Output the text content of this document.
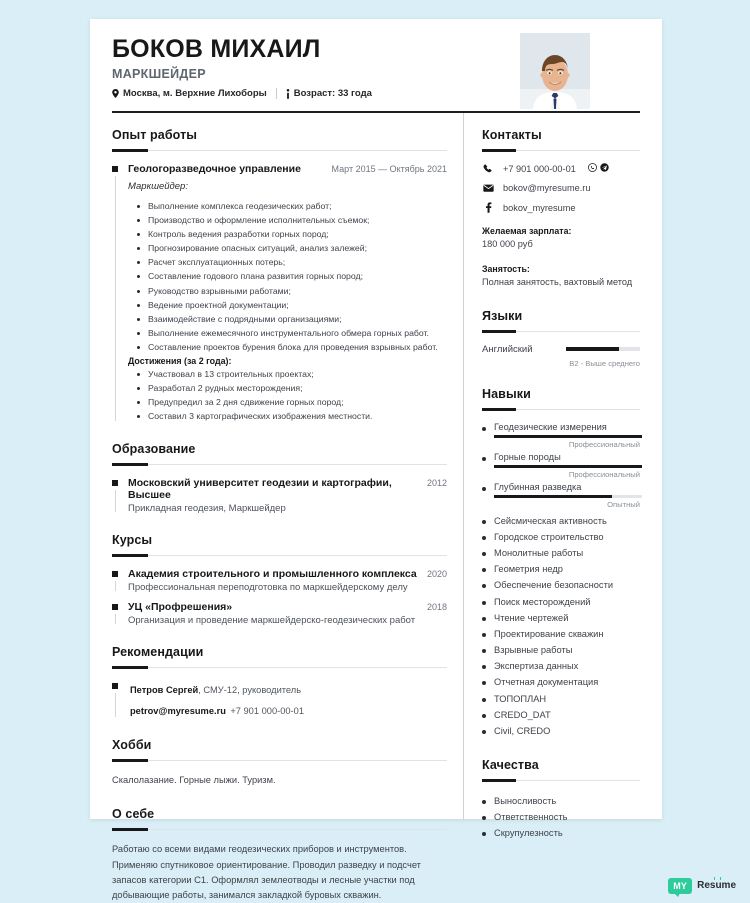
БОКОВ МИХАИЛ
МАРКШЕЙДЕР
Москва, м. Верхние Лихоборы	Возраст: 33 года
Опыт работы
Геологоразведочное управление	Март 2015 — Октябрь 2021
Маркшейдер:
Выполнение комплекса геодезических работ;
Производство и оформление исполнительных съемок;
Контроль ведения разработки горных пород;
Прогнозирование опасных ситуаций, анализ залежей;
Расчет эксплуатационных потерь;
Составление годового плана развития горных пород;
Руководство взрывными работами;
Ведение проектной документации;
Взаимодействие с подрядными организациями;
Выполнение ежемесячного инструментального обмера горных работ.
Составление проектов бурения блока для проведения взрывных работ.
Достижения (за 2 года):
Участвовал в 13 строительных проектах;
Разработал 2 рудных месторождения;
Предупредил за 2 дня сдвижение горных пород;
Составил 3 картографических изображения местности.
Образование
Московский университет геодезии и картографии, Высшее
2012
Прикладная геодезия, Маркшейдер
Курсы
Академия строительного и промышленного комплекса 2020
Профессиональная переподготовка по маркшейдерскому делу
УЦ «Профрешения»	2018
Организация и проведение маркшейдерско-геодезических работ
Рекомендации
Петров Сергей, СМУ-12, руководитель
petrov@myresume.ru +7 901 000-00-01
Хобби
Скалолазание. Горные лыжи. Туризм.
О себе
Работаю со всеми видами геодезических приборов и инструментов. Применяю спутниковое ориентирование. Проводил разведку и подсчет запасов категории С1. Оформлял землеотводы и лесные участки под добывающие работы, занимался закладкой буровых скважин.
Контакты
+7 901 000-00-01
bokov@myresume.ru
bokov_myresume
Желаемая зарплата:
180 000 руб
Занятость:
Полная занятость, вахтовый метод
Языки
Английский
B2 - Выше среднего
Навыки
Геодезические измерения
Профессиональный
Горные породы
Профессиональный
Глубинная разведка
Опытный
Сейсмическая активность
Городское строительство
Монолитные работы
Геометрия недр
Обеспечение безопасности
Поиск месторождений
Чтение чертежей
Проектирование скважин
Взрывные работы
Экспертиза данных
Отчетная документация
ТОПОПЛАН
CREDO_DAT
Civil, CREDO
Качества
Выносливость
Ответственность
Скрупулезность
MY	Resume
